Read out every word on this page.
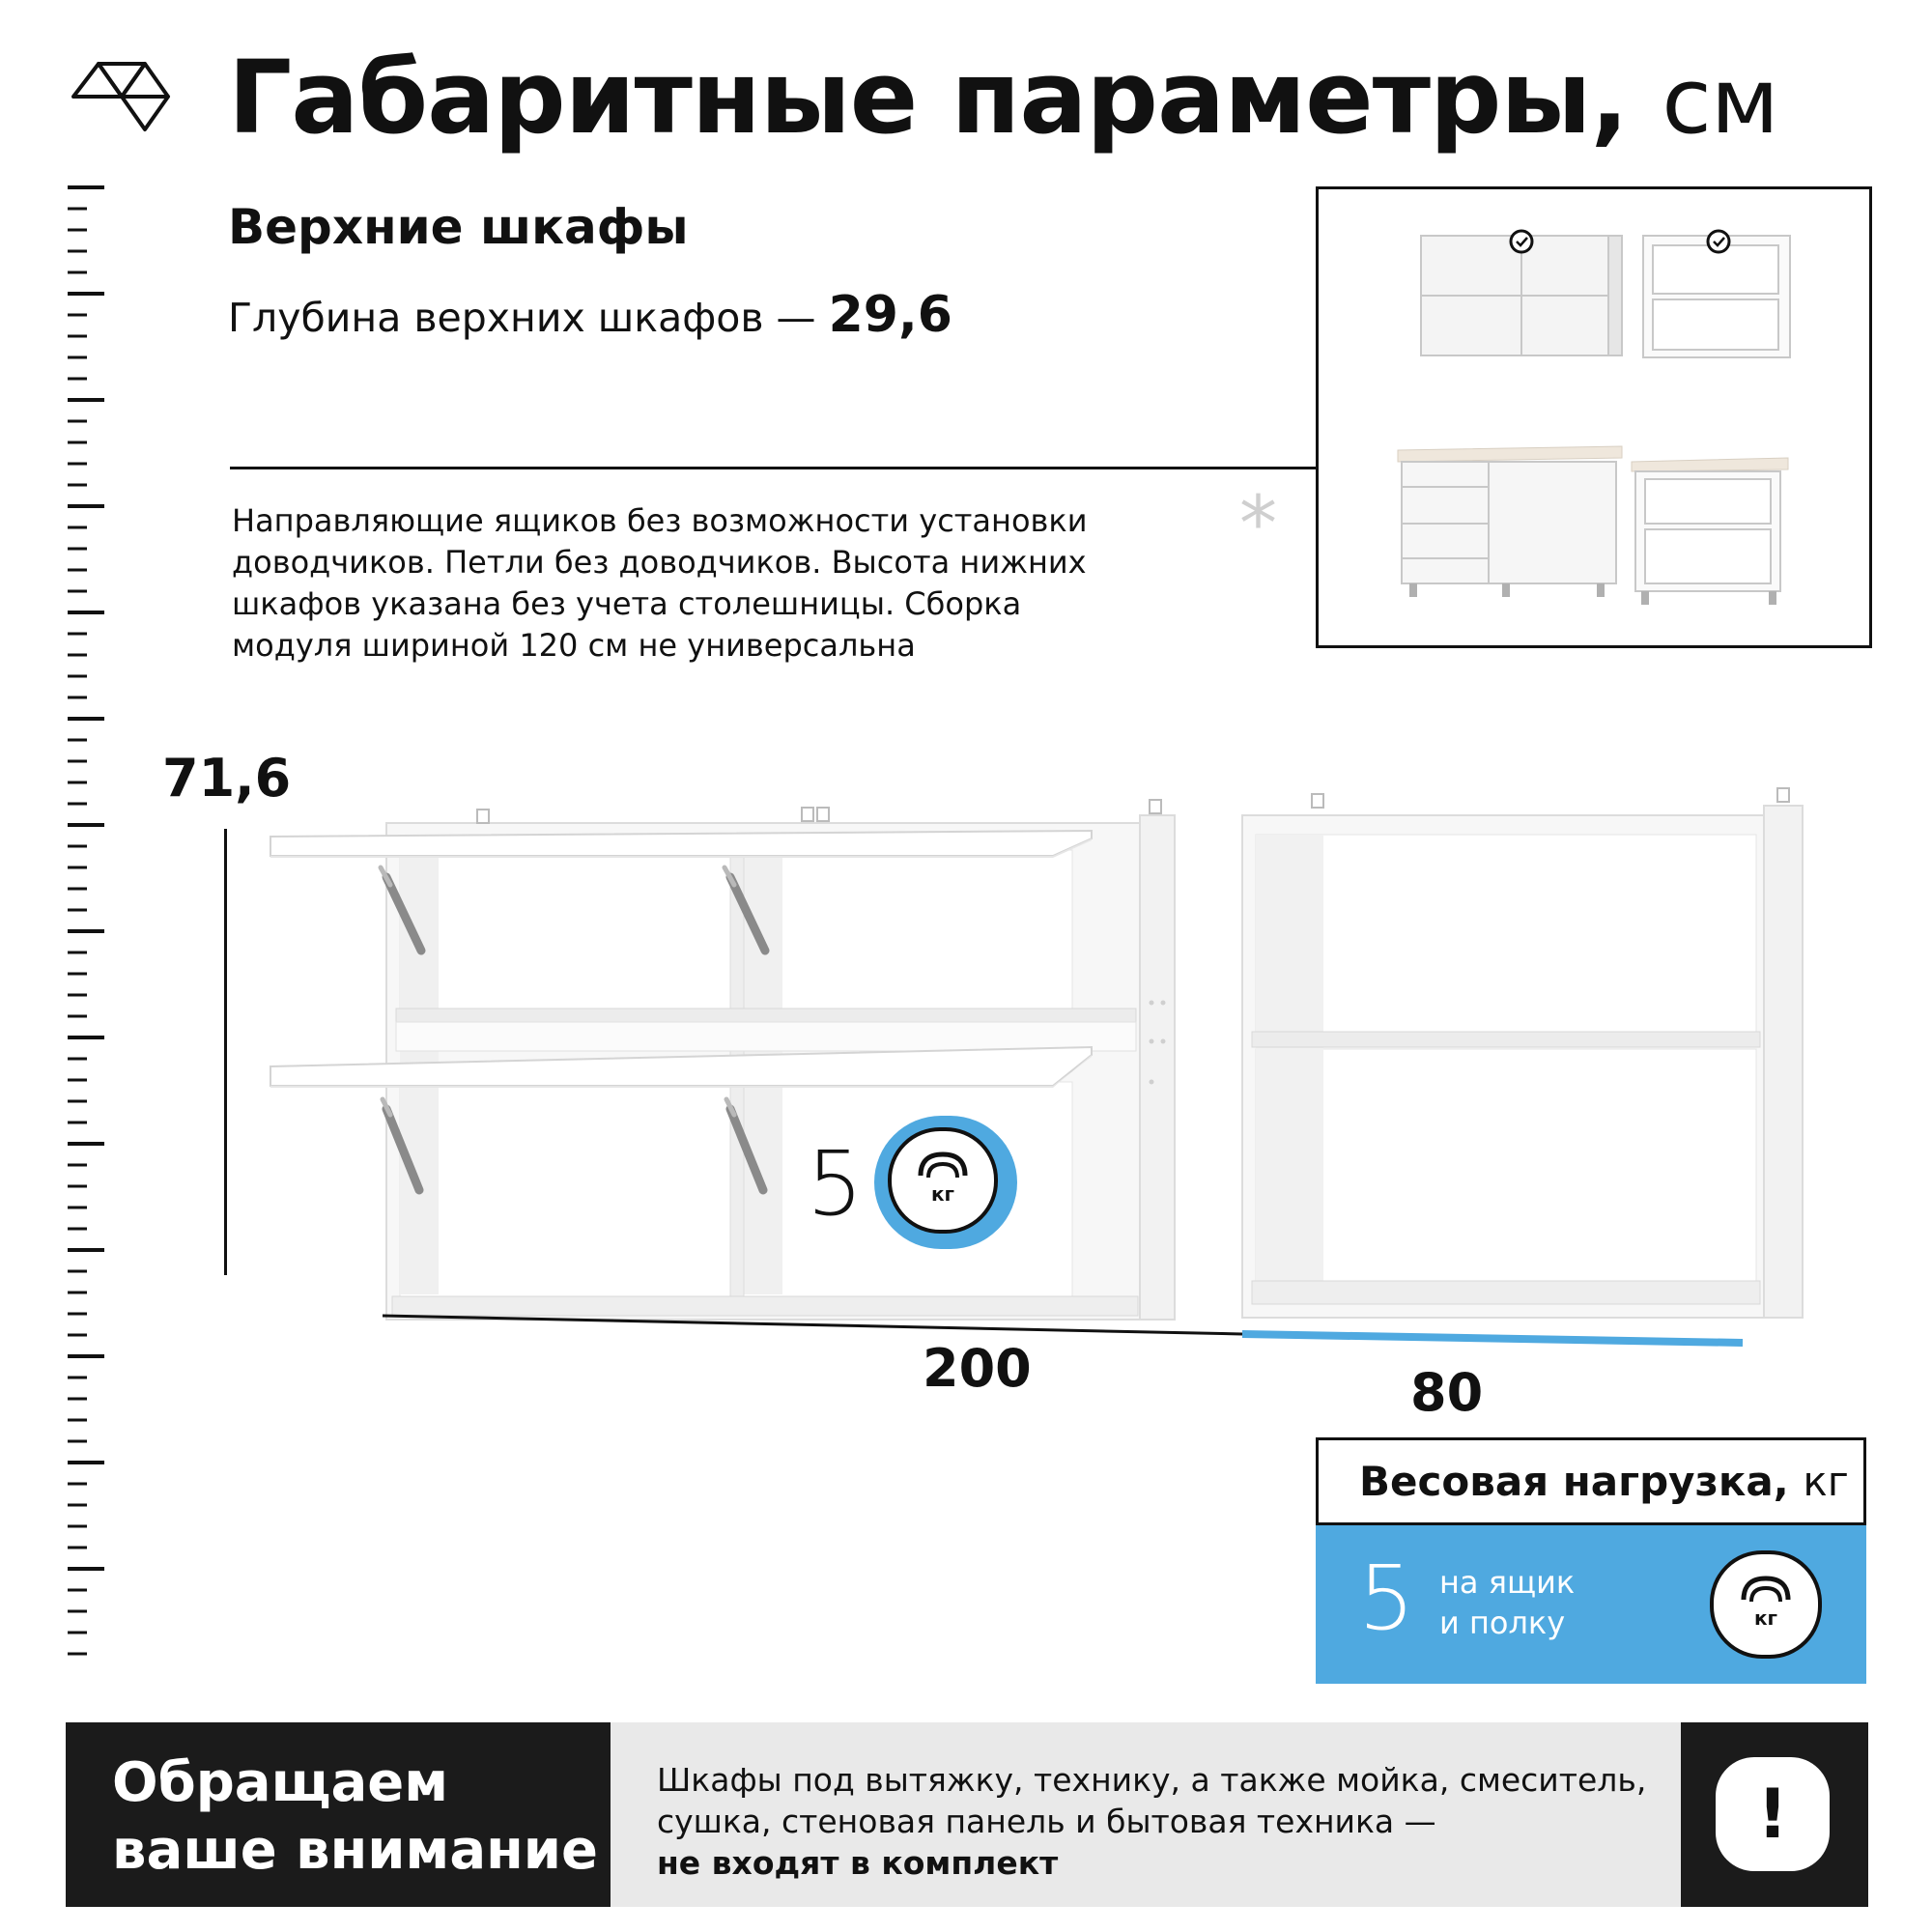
Габаритные параметры, см
Верхние шкафы
Глубина верхних шкафов — 29,6
Направляющие ящиков без возможности установки доводчиков. Петли без доводчиков. Высота нижних шкафов указана без учета столешницы. Сборка модуля шириной 120 см не универсальна
*
71,6
200	80
5	кг
Весовая нагрузка, кг
5 на ящик
и полку	кг
Обращаем
ваше внимание
Шкафы под вытяжку, технику, а также мойка, смеситель, сушка, стеновая панель и бытовая техника —
не входят в комплект
!
